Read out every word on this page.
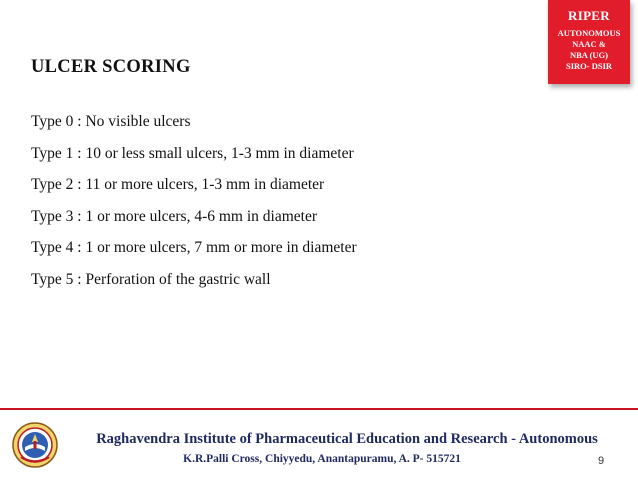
RIPER
AUTONOMOUS
NAAC &
NBA (UG)
SIRO- DSIR
ULCER SCORING
Type 0 : No visible ulcers
Type 1 : 10 or less small ulcers, 1-3 mm in diameter
Type 2 : 11 or more ulcers, 1-3 mm in diameter
Type 3 : 1 or more ulcers, 4-6 mm in diameter
Type 4 : 1 or more ulcers, 7 mm or more in diameter
Type 5 : Perforation of the gastric wall
Raghavendra Institute of Pharmaceutical Education and Research - Autonomous
K.R.Palli Cross, Chiyyedu, Anantapuramu, A. P- 515721	9
